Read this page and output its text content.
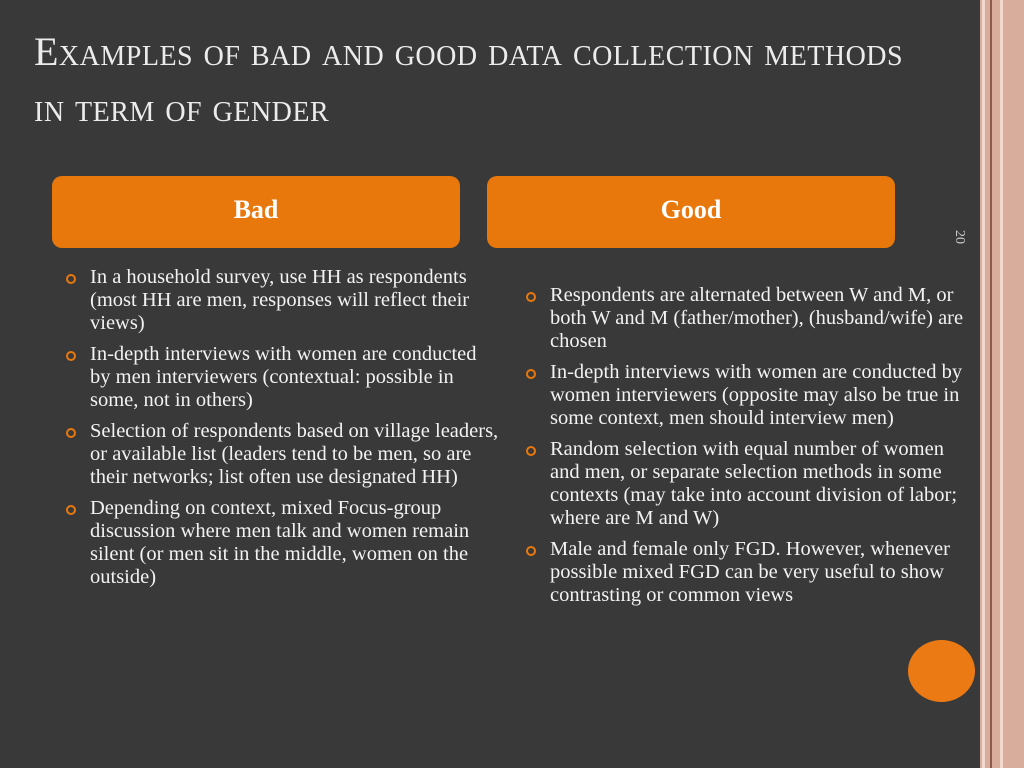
Examples of bad and good data collection methods in term of gender
Bad	Good
In a household survey, use HH as respondents (most HH are men, responses will reflect their views)
In-depth interviews with women are conducted by men interviewers (contextual: possible in some, not in others)
Selection of respondents based on village leaders, or available list (leaders tend to be men, so are their networks; list often use designated HH)
Depending on context, mixed Focus-group discussion where men talk and women remain silent (or men sit in the middle, women on the outside)
Respondents are alternated between W and M, or both W and M (father/mother), (husband/wife) are chosen
In-depth interviews with women are conducted by women interviewers (opposite may also be true in some context, men should interview men)
Random selection with equal number of women and men, or separate selection methods in some contexts (may take into account division of labor; where are M and W)
Male and female only FGD. However, whenever possible mixed FGD can be very useful to show contrasting or common views
20
